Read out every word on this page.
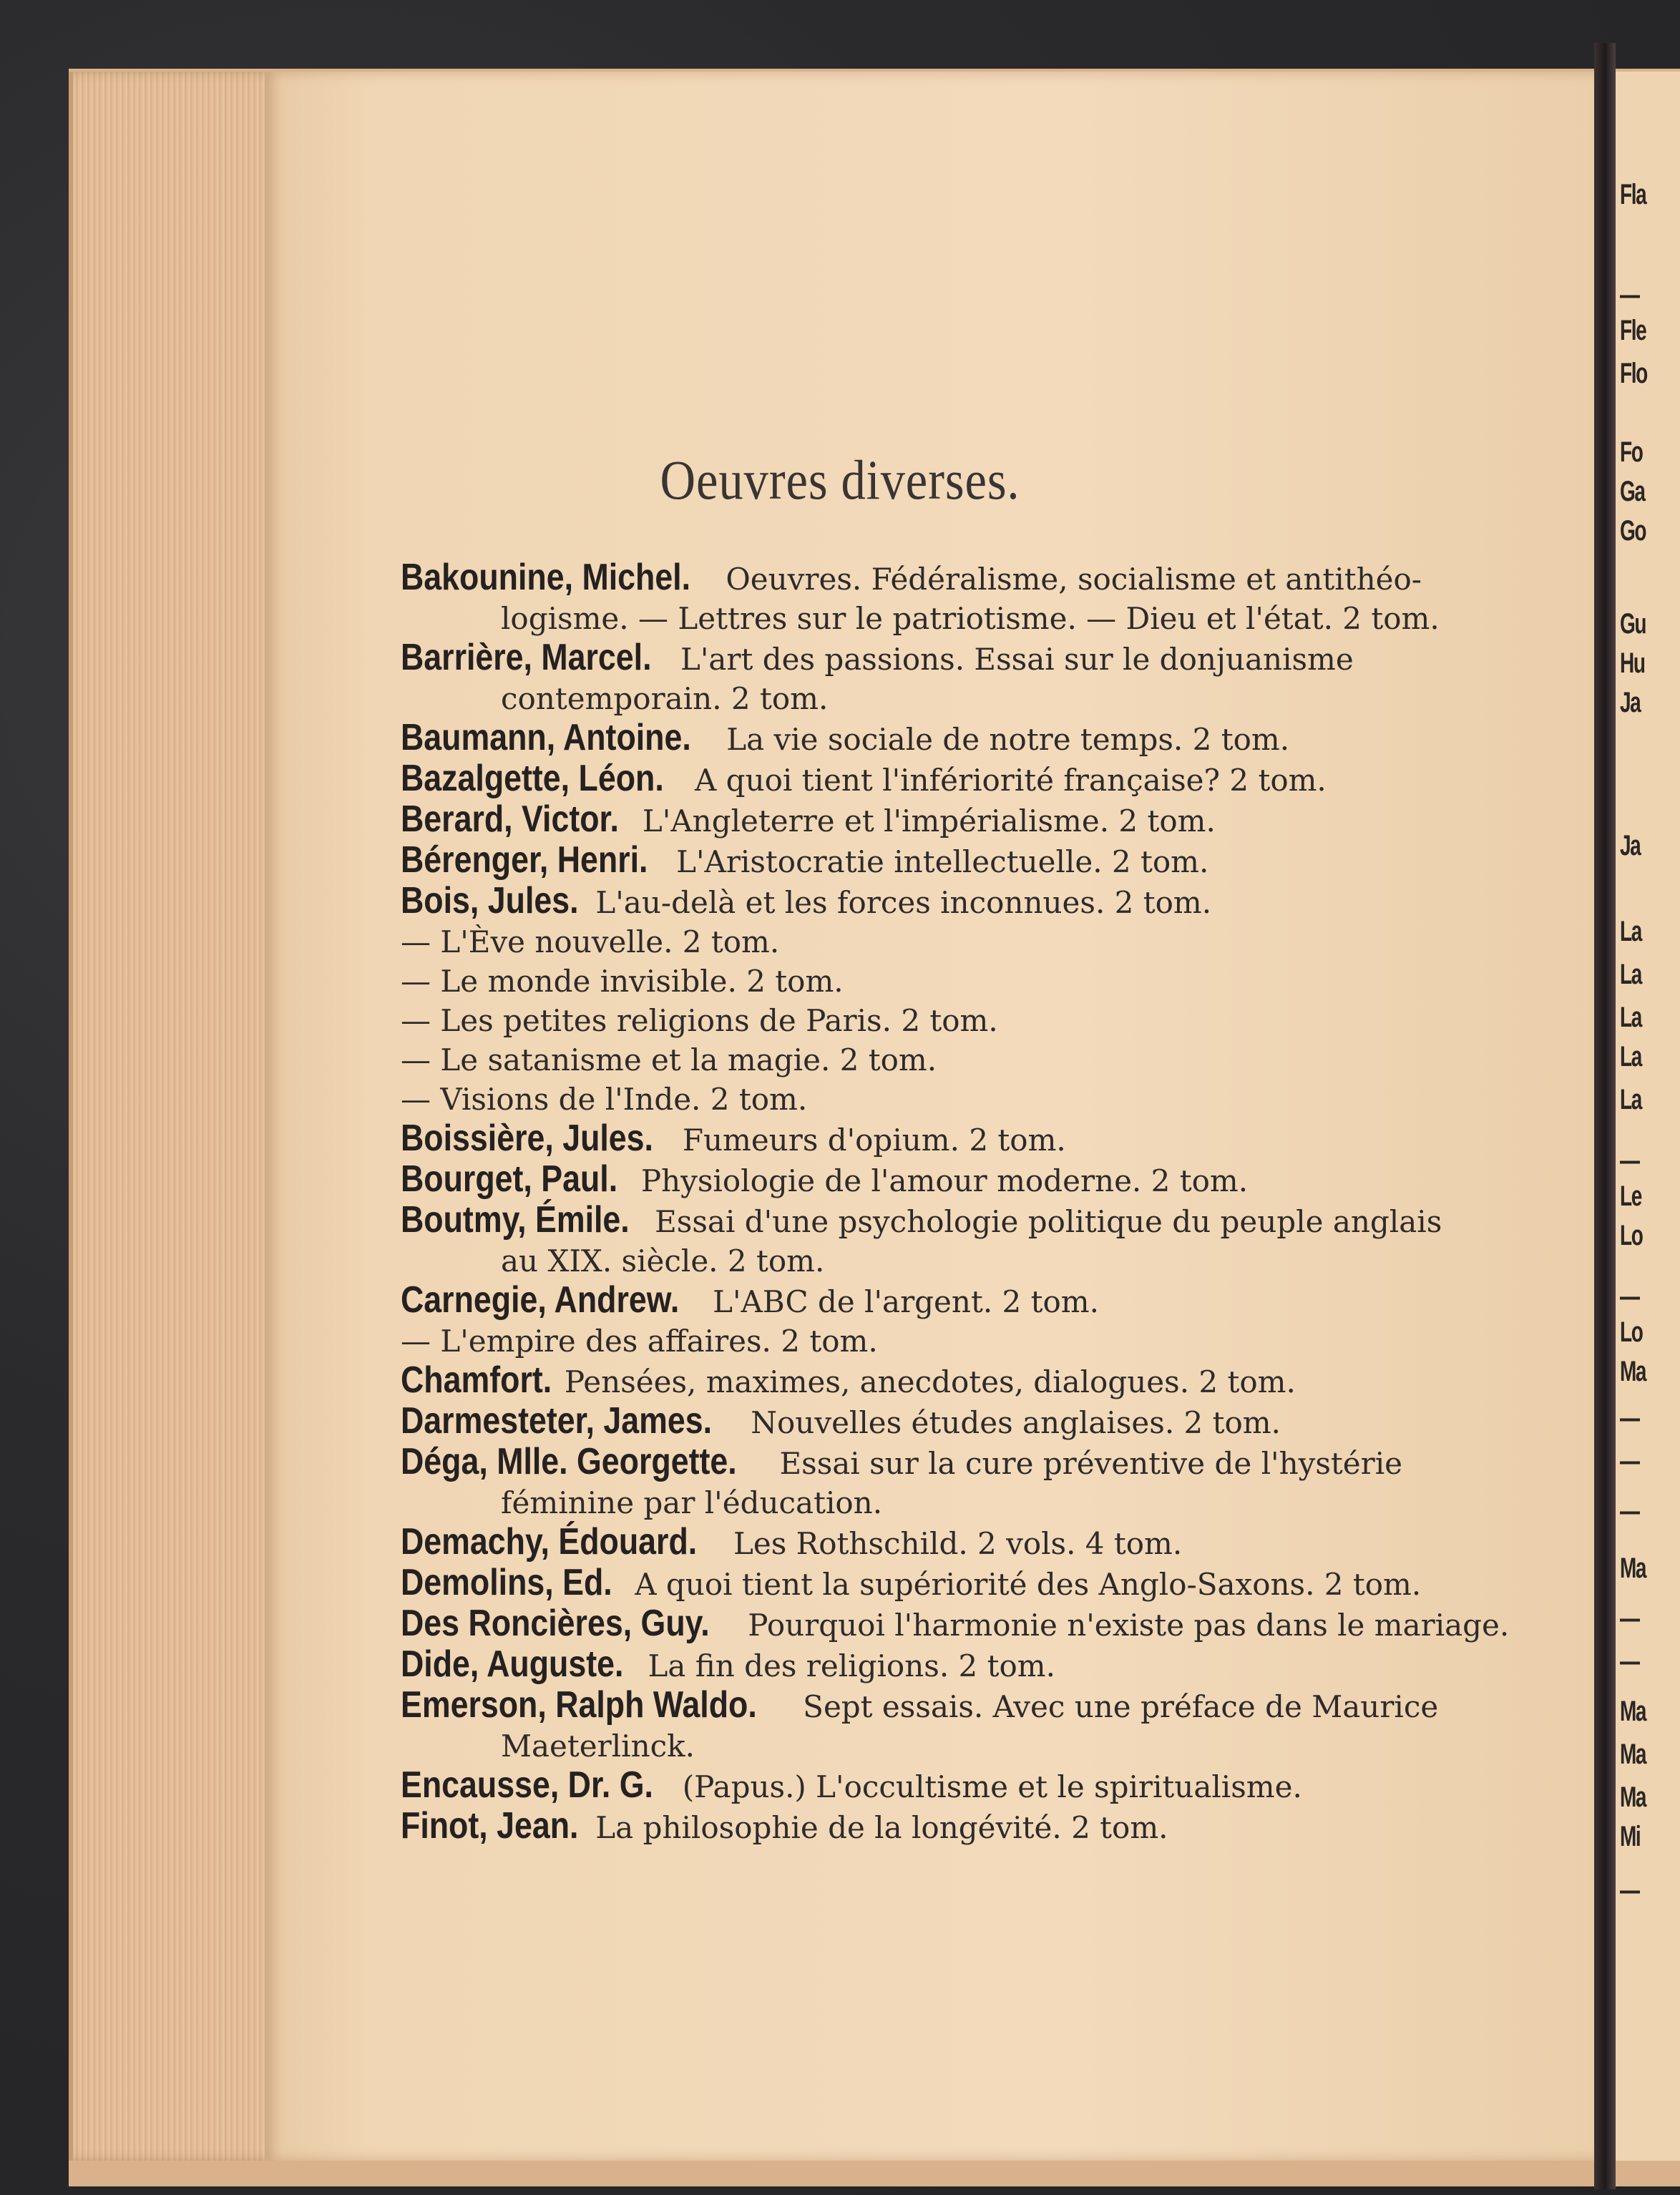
Fla
—
Fle
Flo
Fo
Ga
Go
Gu
Hu
Ja
Ja
La
La
La
La
La
—
Le
Lo
—
Lo
Ma
—
—
—
Ma
—
—
Ma
Ma
Ma
Mi
—
Oeuvres diverses.
Bakounine, Michel. Oeuvres. Fédéralisme, socialisme et antithéo-
logisme. — Lettres sur le patriotisme. — Dieu et l'état. 2 tom.
Barrière, Marcel. L'art des passions. Essai sur le donjuanisme
contemporain. 2 tom.
Baumann, Antoine. La vie sociale de notre temps. 2 tom.
Bazalgette, Léon. A quoi tient l'infériorité française? 2 tom.
Berard, Victor. L'Angleterre et l'impérialisme. 2 tom.
Bérenger, Henri. L'Aristocratie intellectuelle. 2 tom.
Bois, Jules. L'au-delà et les forces inconnues. 2 tom.
— L'Ève nouvelle. 2 tom.
— Le monde invisible. 2 tom.
— Les petites religions de Paris. 2 tom.
— Le satanisme et la magie. 2 tom.
— Visions de l'Inde. 2 tom.
Boissière, Jules. Fumeurs d'opium. 2 tom.
Bourget, Paul. Physiologie de l'amour moderne. 2 tom.
Boutmy, Émile. Essai d'une psychologie politique du peuple anglais
au XIX. siècle. 2 tom.
Carnegie, Andrew. L'ABC de l'argent. 2 tom.
— L'empire des affaires. 2 tom.
Chamfort. Pensées, maximes, anecdotes, dialogues. 2 tom.
Darmesteter, James. Nouvelles études anglaises. 2 tom.
Déga, Mlle. Georgette. Essai sur la cure préventive de l'hystérie
féminine par l'éducation.
Demachy, Édouard. Les Rothschild. 2 vols. 4 tom.
Demolins, Ed. A quoi tient la supériorité des Anglo-Saxons. 2 tom.
Des Roncières, Guy. Pourquoi l'harmonie n'existe pas dans le mariage.
Dide, Auguste. La fin des religions. 2 tom.
Emerson, Ralph Waldo. Sept essais. Avec une préface de Maurice
Maeterlinck.
Encausse, Dr. G. (Papus.) L'occultisme et le spiritualisme.
Finot, Jean. La philosophie de la longévité. 2 tom.
